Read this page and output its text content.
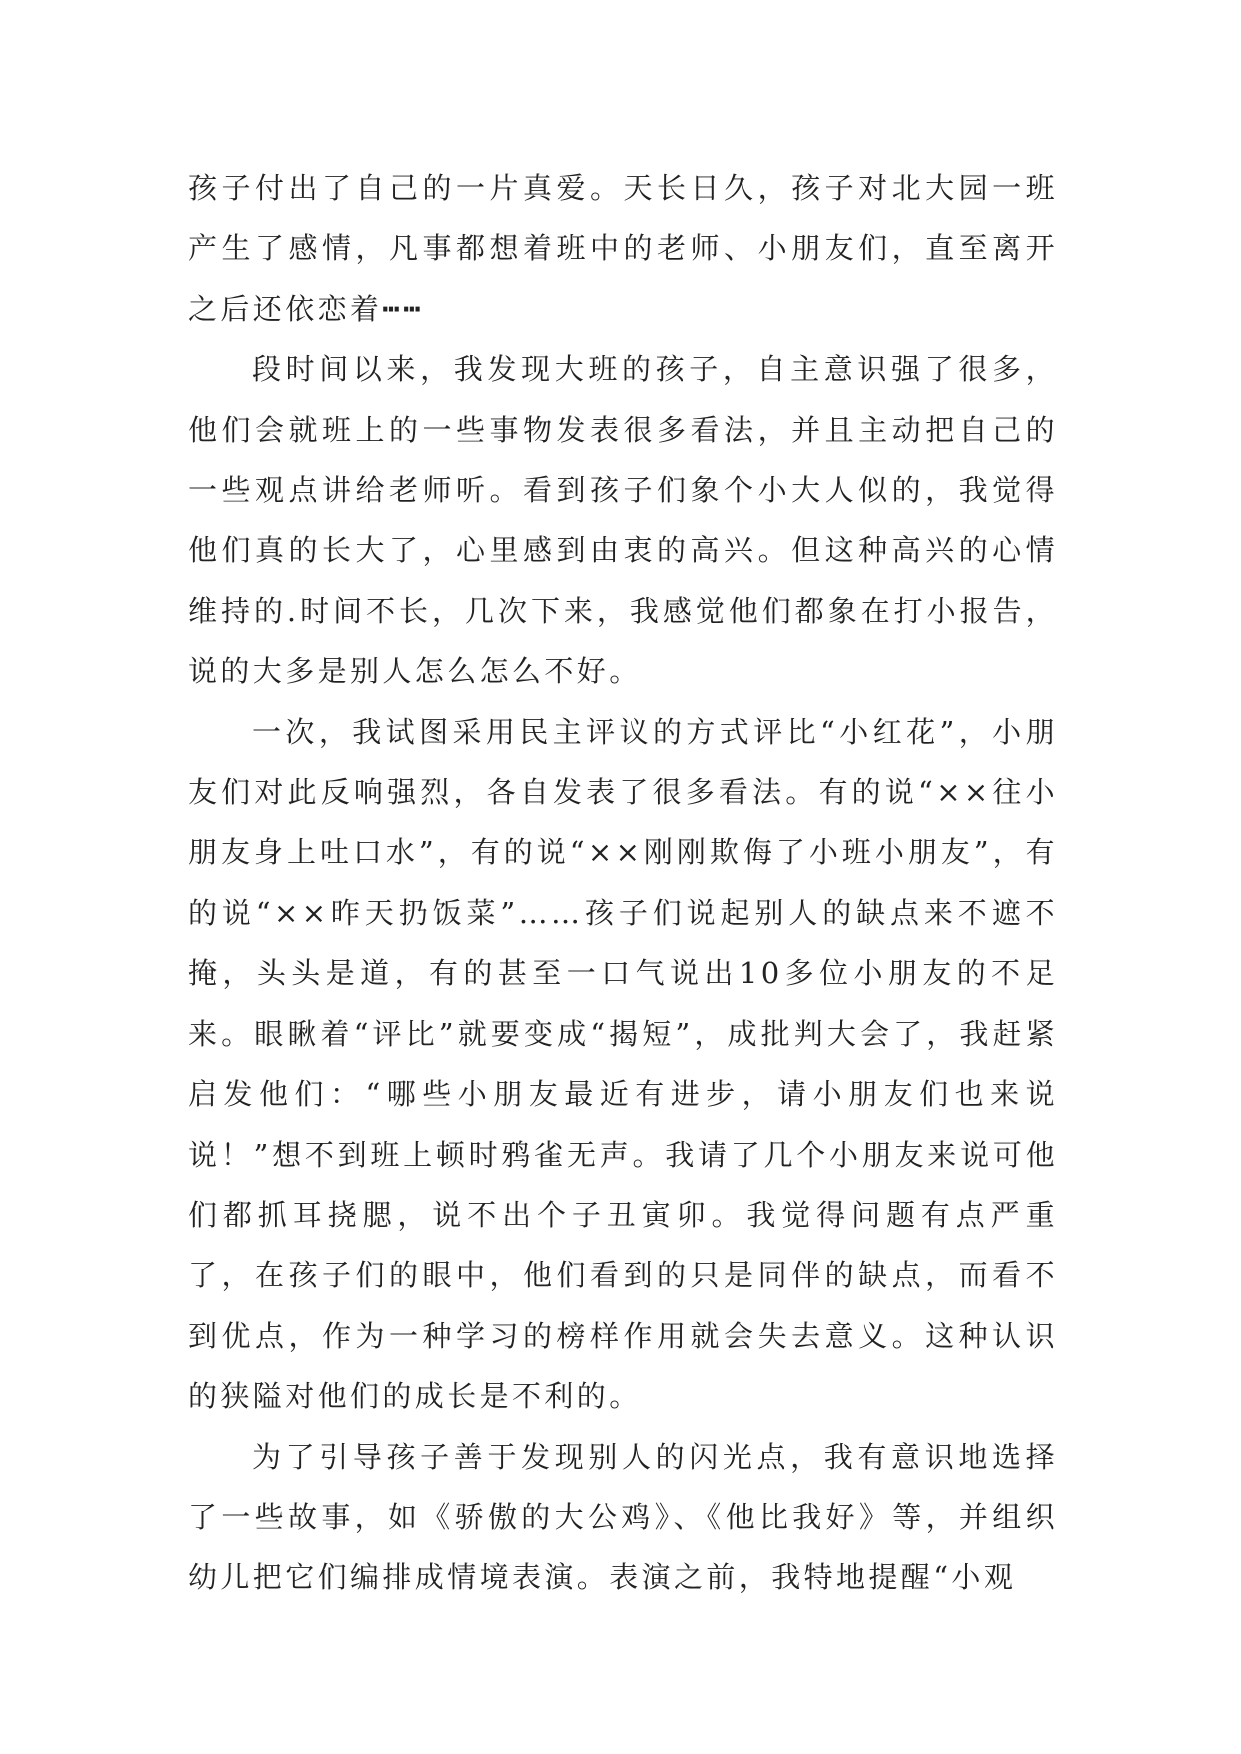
孩子付出了自己的一片真爱。天长日久，孩子对北大园一班产生了感情，凡事都想着班中的老师、小朋友们，直至离开之后还依恋着┅┅

段时间以来，我发现大班的孩子，自主意识强了很多，他们会就班上的一些事物发表很多看法，并且主动把自己的一些观点讲给老师听。看到孩子们象个小大人似的，我觉得他们真的长大了，心里感到由衷的高兴。但这种高兴的心情维持的.时间不长，几次下来，我感觉他们都象在打小报告，说的大多是别人怎么怎么不好。

一次，我试图采用民主评议的方式评比“小红花”，小朋友们对此反响强烈，各自发表了很多看法。有的说“××往小朋友身上吐口水”，有的说“××刚刚欺侮了小班小朋友”，有的说“××昨天扔饭菜”……孩子们说起别人的缺点来不遮不掩，头头是道，有的甚至一口气说出10多位小朋友的不足来。眼瞅着“评比”就要变成“揭短”，成批判大会了，我赶紧启发他们：“哪些小朋友最近有进步，请小朋友们也来说说！”想不到班上顿时鸦雀无声。我请了几个小朋友来说可他们都抓耳挠腮，说不出个子丑寅卯。我觉得问题有点严重了，在孩子们的眼中，他们看到的只是同伴的缺点，而看不到优点，作为一种学习的榜样作用就会失去意义。这种认识的狭隘对他们的成长是不利的。

为了引导孩子善于发现别人的闪光点，我有意识地选择了一些故事，如《骄傲的大公鸡》、《他比我好》等，并组织幼儿把它们编排成情境表演。表演之前，我特地提醒“小观
